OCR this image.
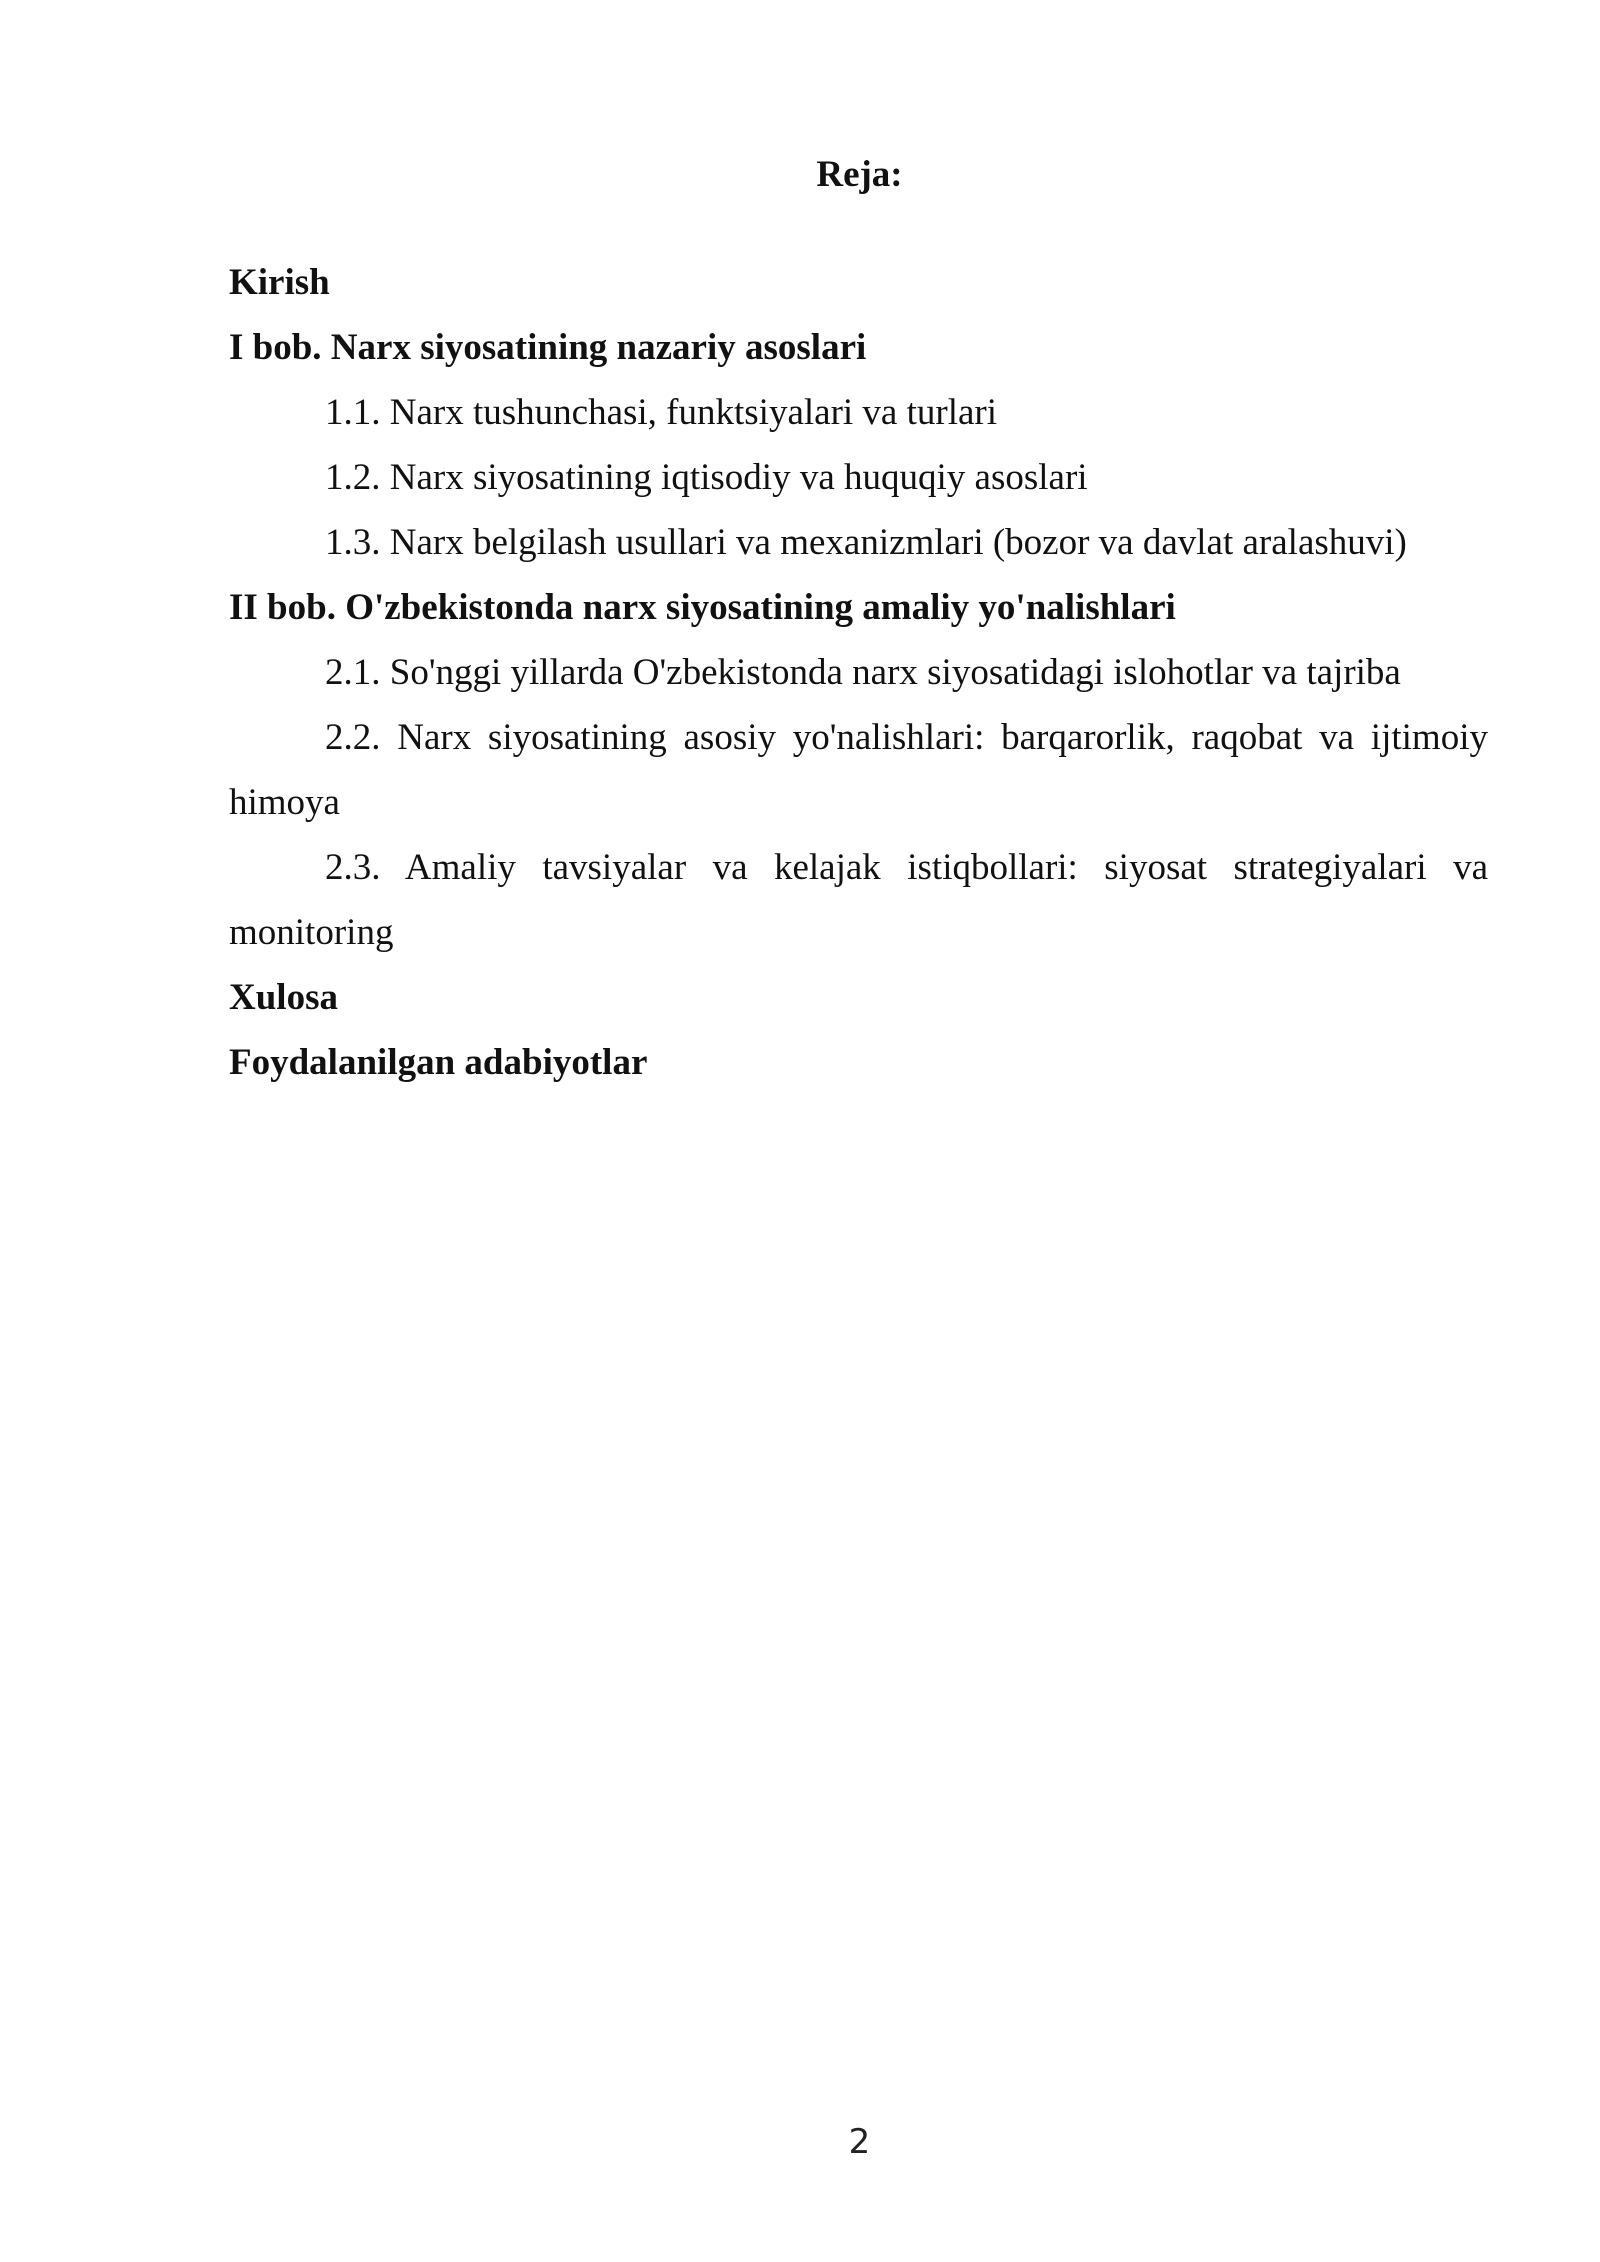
Reja:

Kirish

I bob. Narx siyosatining nazariy asoslari

1.1. Narx tushunchasi, funktsiyalari va turlari

1.2. Narx siyosatining iqtisodiy va huquqiy asoslari

1.3. Narx belgilash usullari va mexanizmlari (bozor va davlat aralashuvi)

II bob. O'zbekistonda narx siyosatining amaliy yo'nalishlari

2.1. So'nggi yillarda O'zbekistonda narx siyosatidagi islohotlar va tajriba

2.2. Narx siyosatining asosiy yo'nalishlari: barqarorlik, raqobat va ijtimoiy himoya

2.3. Amaliy tavsiyalar va kelajak istiqbollari: siyosat strategiyalari va monitoring

Xulosa

Foydalanilgan adabiyotlar

2
